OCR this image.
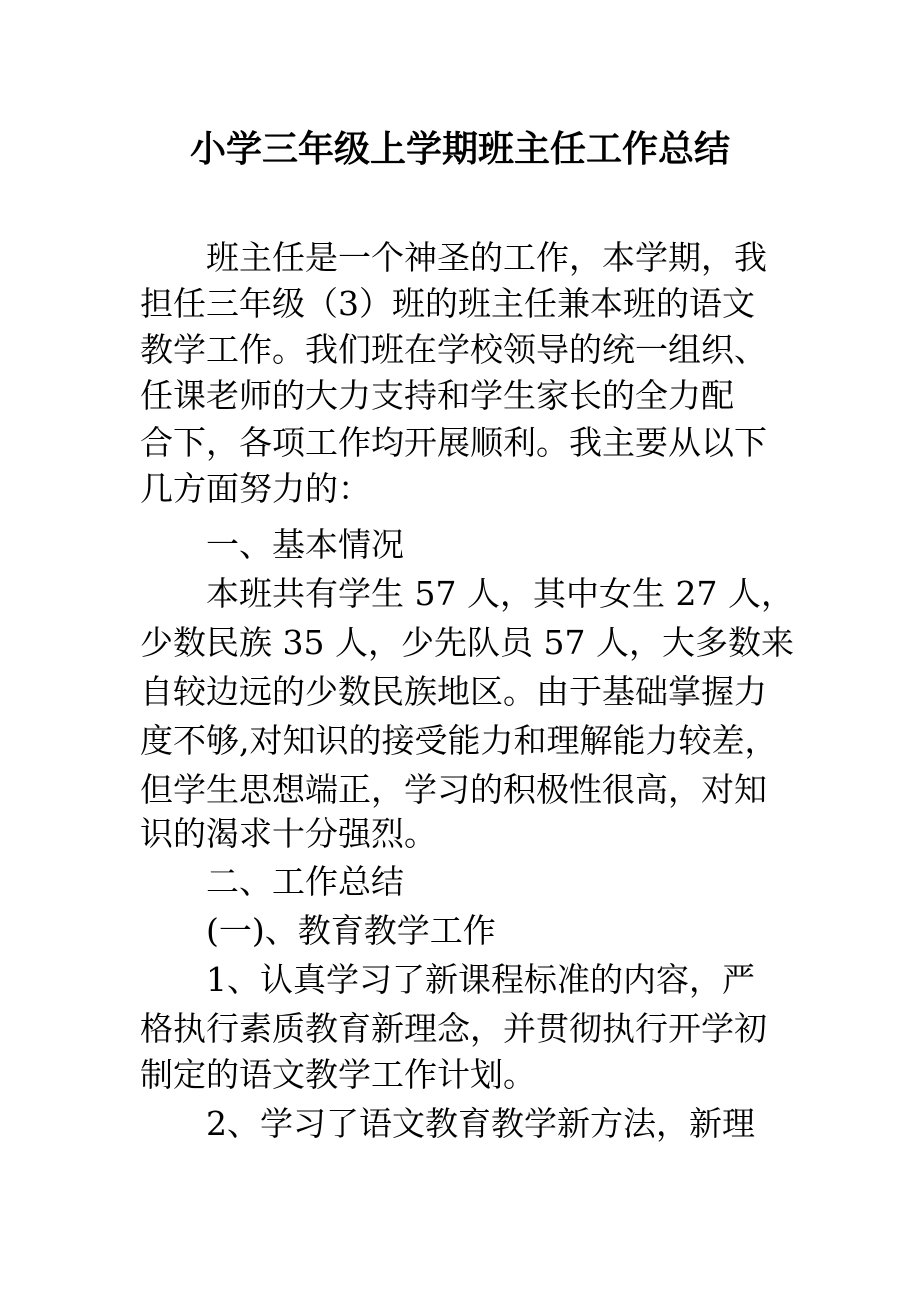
小学三年级上学期班主任工作总结
班主任是一个神圣的工作，本学期，我
担任三年级（3）班的班主任兼本班的语文
教学工作。我们班在学校领导的统一组织、
任课老师的大力支持和学生家长的全力配
合下，各项工作均开展顺利。我主要从以下
几方面努力的：
一、基本情况
本班共有学生 57 人，其中女生 27 人，
少数民族 35 人，少先队员 57 人，大多数来
自较边远的少数民族地区。由于基础掌握力
度不够,对知识的接受能力和理解能力较差，
但学生思想端正，学习的积极性很高，对知
识的渴求十分强烈。
二、工作总结
(一)、教育教学工作
1、认真学习了新课程标准的内容，严
格执行素质教育新理念，并贯彻执行开学初
制定的语文教学工作计划。
2、学习了语文教育教学新方法，新理
